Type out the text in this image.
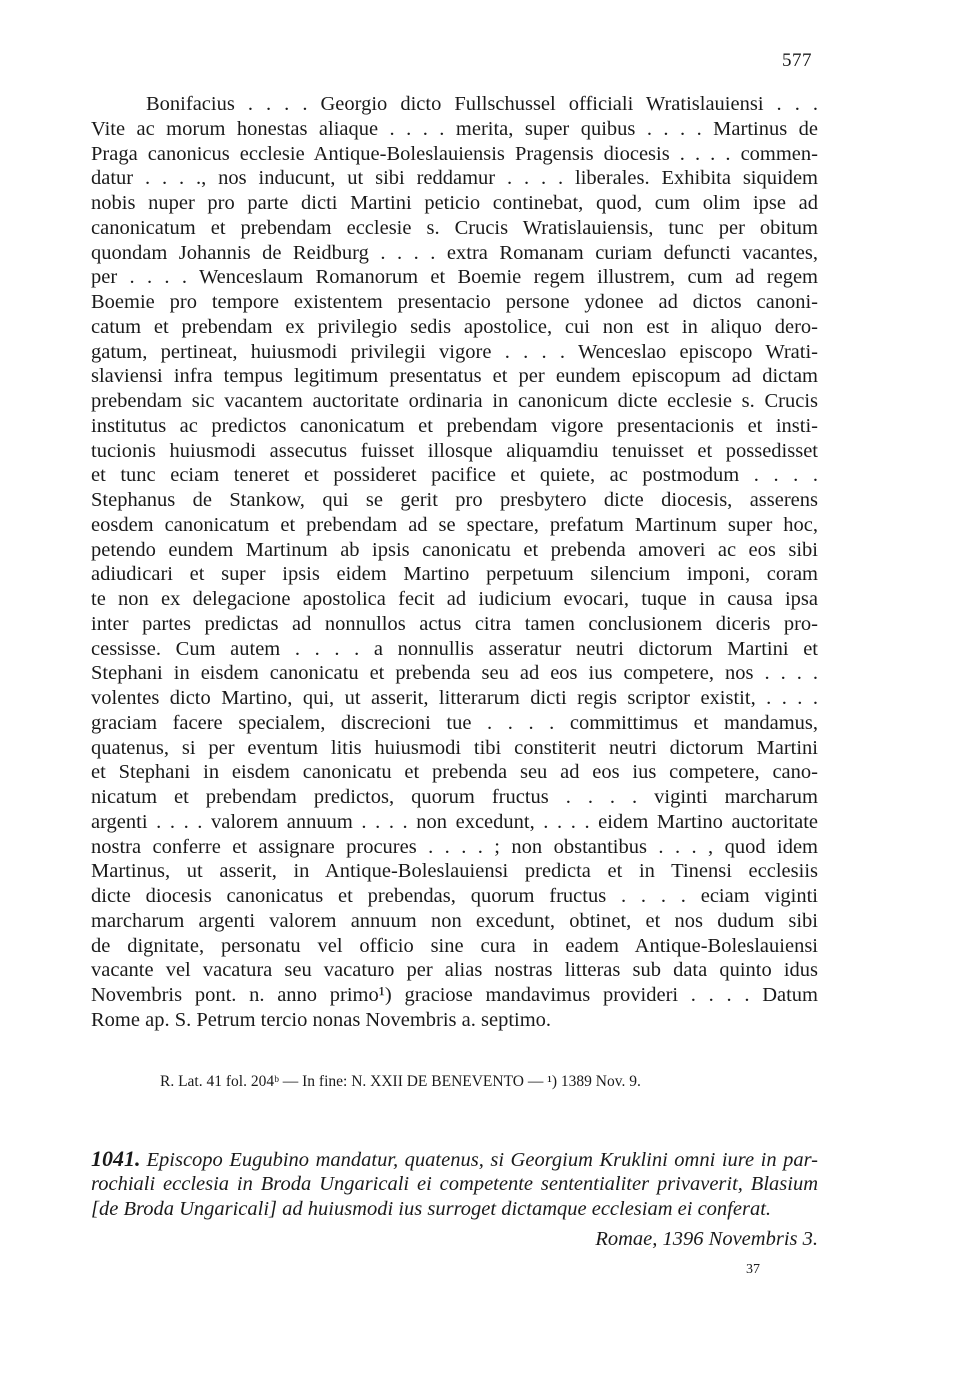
577
Bonifacius . . . . Georgio dicto Fullschussel officiali Wratislauiensi . . .
Vite ac morum honestas aliaque . . . . merita, super quibus . . . . Martinus de
Praga canonicus ecclesie Antique-Boleslauiensis Pragensis diocesis . . . . commen-
datur . . . ., nos inducunt, ut sibi reddamur . . . . liberales. Exhibita siquidem
nobis nuper pro parte dicti Martini peticio continebat, quod, cum olim ipse ad
canonicatum et prebendam ecclesie s. Crucis Wratislauiensis, tunc per obitum
quondam Johannis de Reidburg . . . . extra Romanam curiam defuncti vacantes,
per . . . . Wenceslaum Romanorum et Boemie regem illustrem, cum ad regem
Boemie pro tempore existentem presentacio persone ydonee ad dictos canoni-
catum et prebendam ex privilegio sedis apostolice, cui non est in aliquo dero-
gatum, pertineat, huiusmodi privilegii vigore . . . . Wenceslao episcopo Wrati-
slaviensi infra tempus legitimum presentatus et per eundem episcopum ad dictam
prebendam sic vacantem auctoritate ordinaria in canonicum dicte ecclesie s. Crucis
institutus ac predictos canonicatum et prebendam vigore presentacionis et insti-
tucionis huiusmodi assecutus fuisset illosque aliquamdiu tenuisset et possedisset
et tunc eciam teneret et possideret pacifice et quiete, ac postmodum . . . .
Stephanus de Stankow, qui se gerit pro presbytero dicte diocesis, asserens
eosdem canonicatum et prebendam ad se spectare, prefatum Martinum super hoc,
petendo eundem Martinum ab ipsis canonicatu et prebenda amoveri ac eos sibi
adiudicari et super ipsis eidem Martino perpetuum silencium imponi, coram
te non ex delegacione apostolica fecit ad iudicium evocari, tuque in causa ipsa
inter partes predictas ad nonnullos actus citra tamen conclusionem diceris pro-
cessisse. Cum autem . . . . a nonnullis asseratur neutri dictorum Martini et
Stephani in eisdem canonicatu et prebenda seu ad eos ius competere, nos . . . .
volentes dicto Martino, qui, ut asserit, litterarum dicti regis scriptor existit, . . . .
graciam facere specialem, discrecioni tue . . . . committimus et mandamus,
quatenus, si per eventum litis huiusmodi tibi constiterit neutri dictorum Martini
et Stephani in eisdem canonicatu et prebenda seu ad eos ius competere, cano-
nicatum et prebendam predictos, quorum fructus . . . . viginti marcharum
argenti . . . . valorem annuum . . . . non excedunt, . . . . eidem Martino auctoritate
nostra conferre et assignare procures . . . . ; non obstantibus . . . , quod idem
Martinus, ut asserit, in Antique-Boleslauiensi predicta et in Tinensi ecclesiis
dicte diocesis canonicatus et prebendas, quorum fructus . . . . eciam viginti
marcharum argenti valorem annuum non excedunt, obtinet, et nos dudum sibi
de dignitate, personatu vel officio sine cura in eadem Antique-Boleslauiensi
vacante vel vacatura seu vacaturo per alias nostras litteras sub data quinto idus
Novembris pont. n. anno primo¹) graciose mandavimus provideri . . . . Datum
Rome ap. S. Petrum tercio nonas Novembris a. septimo.
R. Lat. 41 fol. 204ᵇ — In fine: N. XXII DE BENEVENTO — ¹) 1389 Nov. 9.
1041. Episcopo Eugubino mandatur, quatenus, si Georgium Kruklini omni iure in par-
rochiali ecclesia in Broda Ungaricali ei competente sententialiter privaverit, Blasium
[de Broda Ungaricali] ad huiusmodi ius surroget dictamque ecclesiam ei conferat.
Romae, 1396 Novembris 3.
37
